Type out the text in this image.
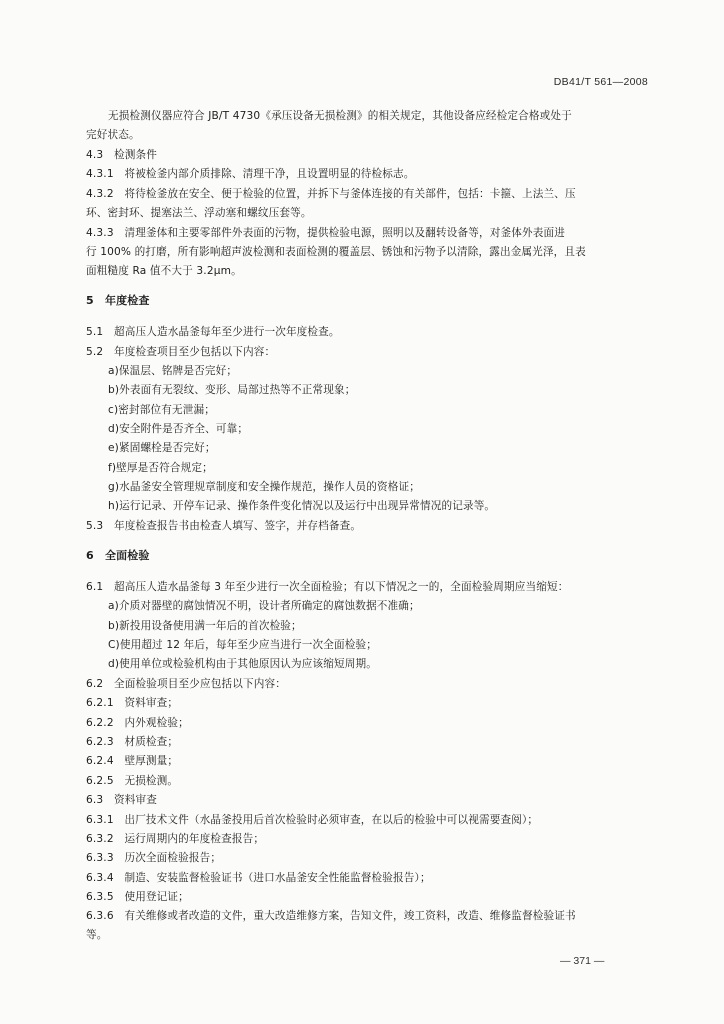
DB41/T 561—2008
无损检测仪器应符合 JB/T 4730《承压设备无损检测》的相关规定，其他设备应经检定合格或处于
完好状态。
4.3　检测条件
4.3.1　将被检釜内部介质排除、清理干净，且设置明显的待检标志。
4.3.2　将待检釜放在安全、便于检验的位置，并拆下与釜体连接的有关部件，包括：卡箍、上法兰、压
环、密封环、提塞法兰、浮动塞和螺纹压套等。
4.3.3　清理釜体和主要零部件外表面的污物，提供检验电源，照明以及翻转设备等，对釜体外表面进
行 100% 的打磨，所有影响超声波检测和表面检测的覆盖层、锈蚀和污物予以清除，露出金属光泽，且表
面粗糙度 Ra 值不大于 3.2μm。
5　年度检查
5.1　超高压人造水晶釜每年至少进行一次年度检查。
5.2　年度检查项目至少包括以下内容：
a)保温层、铭牌是否完好；
b)外表面有无裂纹、变形、局部过热等不正常现象；
c)密封部位有无泄漏；
d)安全附件是否齐全、可靠；
e)紧固螺栓是否完好；
f)壁厚是否符合规定；
g)水晶釜安全管理规章制度和安全操作规范，操作人员的资格证；
h)运行记录、开停车记录、操作条件变化情况以及运行中出现异常情况的记录等。
5.3　年度检查报告书由检查人填写、签字，并存档备查。
6　全面检验
6.1　超高压人造水晶釜每 3 年至少进行一次全面检验；有以下情况之一的，全面检验周期应当缩短：
a)介质对器壁的腐蚀情况不明，设计者所确定的腐蚀数据不准确；
b)新投用设备使用满一年后的首次检验；
C)使用超过 12 年后，每年至少应当进行一次全面检验；
d)使用单位或检验机构由于其他原因认为应该缩短周期。
6.2　全面检验项目至少应包括以下内容：
6.2.1　资料审查；
6.2.2　内外观检验；
6.2.3　材质检查；
6.2.4　壁厚测量；
6.2.5　无损检测。
6.3　资料审查
6.3.1　出厂技术文件（水晶釜投用后首次检验时必须审查，在以后的检验中可以视需要查阅）；
6.3.2　运行周期内的年度检查报告；
6.3.3　历次全面检验报告；
6.3.4　制造、安装监督检验证书（进口水晶釜安全性能监督检验报告）；
6.3.5　使用登记证；
6.3.6　有关维修或者改造的文件，重大改造维修方案，告知文件，竣工资料，改造、维修监督检验证书
等。
— 371 —
